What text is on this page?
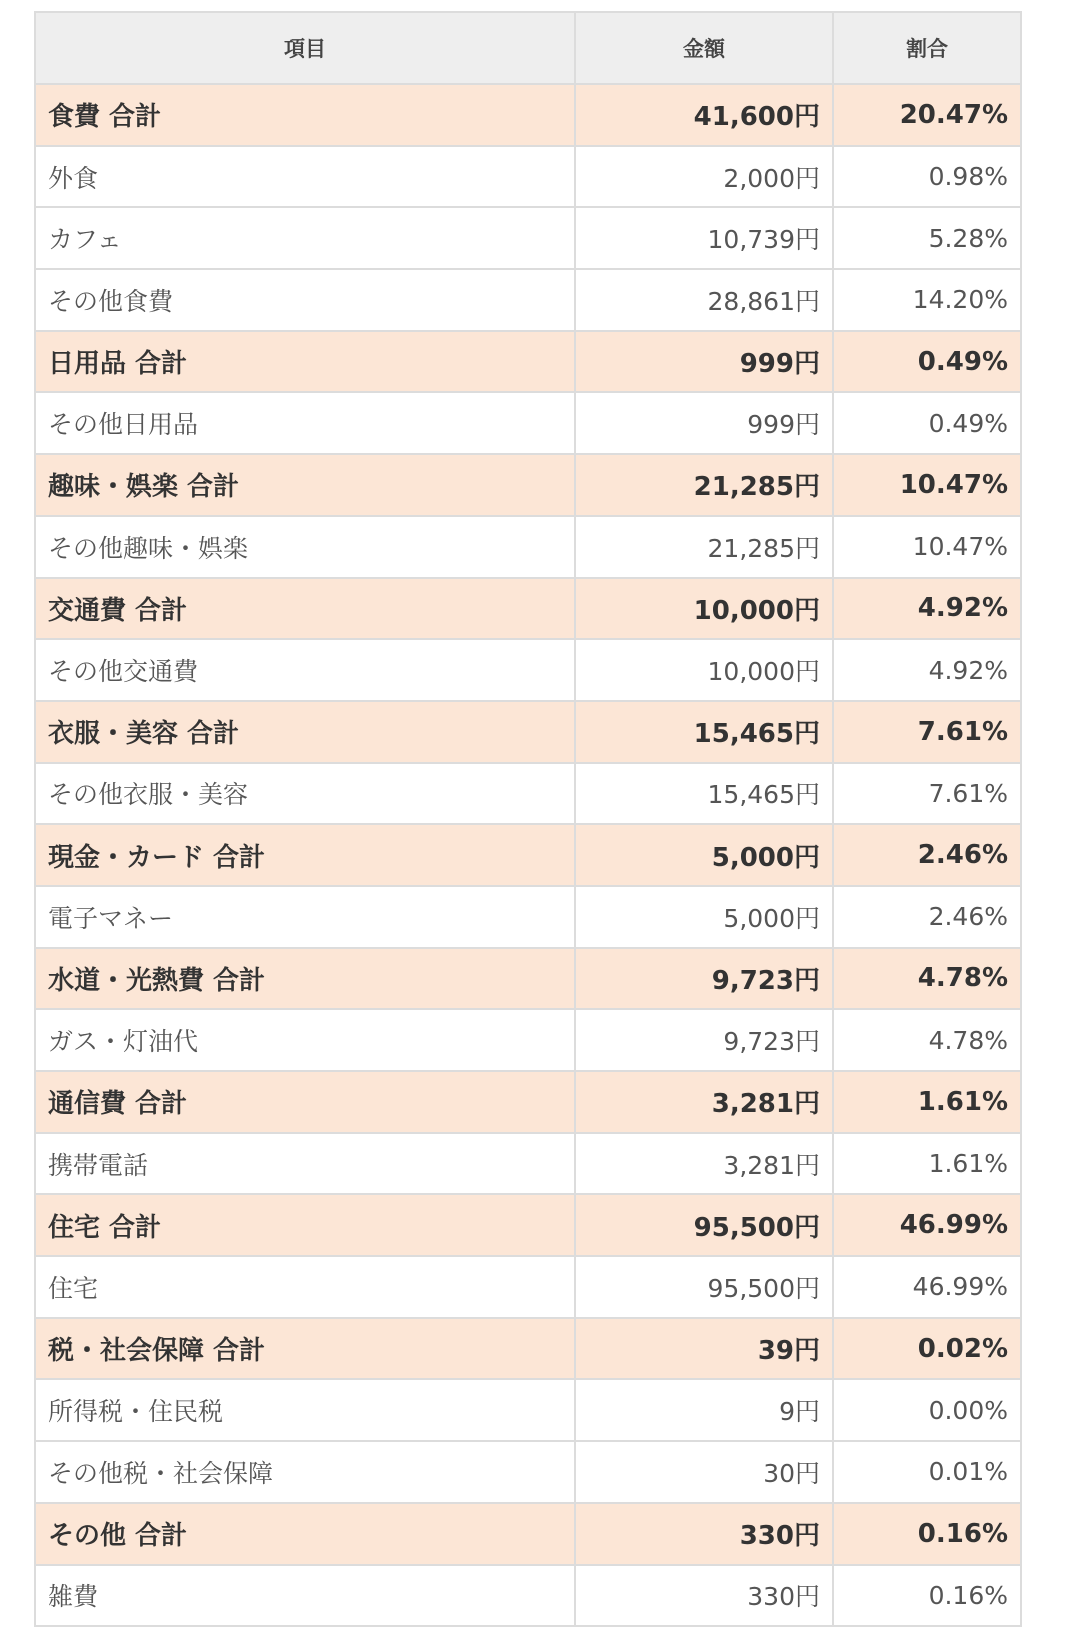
項目	金額	割合
食費 合計	41,600円	20.47%
外食	2,000円	0.98%
カフェ	10,739円	5.28%
その他食費	28,861円	14.20%
日用品 合計	999円	0.49%
その他日用品	999円	0.49%
趣味・娯楽 合計	21,285円	10.47%
その他趣味・娯楽	21,285円	10.47%
交通費 合計	10,000円	4.92%
その他交通費	10,000円	4.92%
衣服・美容 合計	15,465円	7.61%
その他衣服・美容	15,465円	7.61%
現金・カード 合計	5,000円	2.46%
電子マネー	5,000円	2.46%
水道・光熱費 合計	9,723円	4.78%
ガス・灯油代	9,723円	4.78%
通信費 合計	3,281円	1.61%
携帯電話	3,281円	1.61%
住宅 合計	95,500円	46.99%
住宅	95,500円	46.99%
税・社会保障 合計	39円	0.02%
所得税・住民税	9円	0.00%
その他税・社会保障	30円	0.01%
その他 合計	330円	0.16%
雑費	330円	0.16%
